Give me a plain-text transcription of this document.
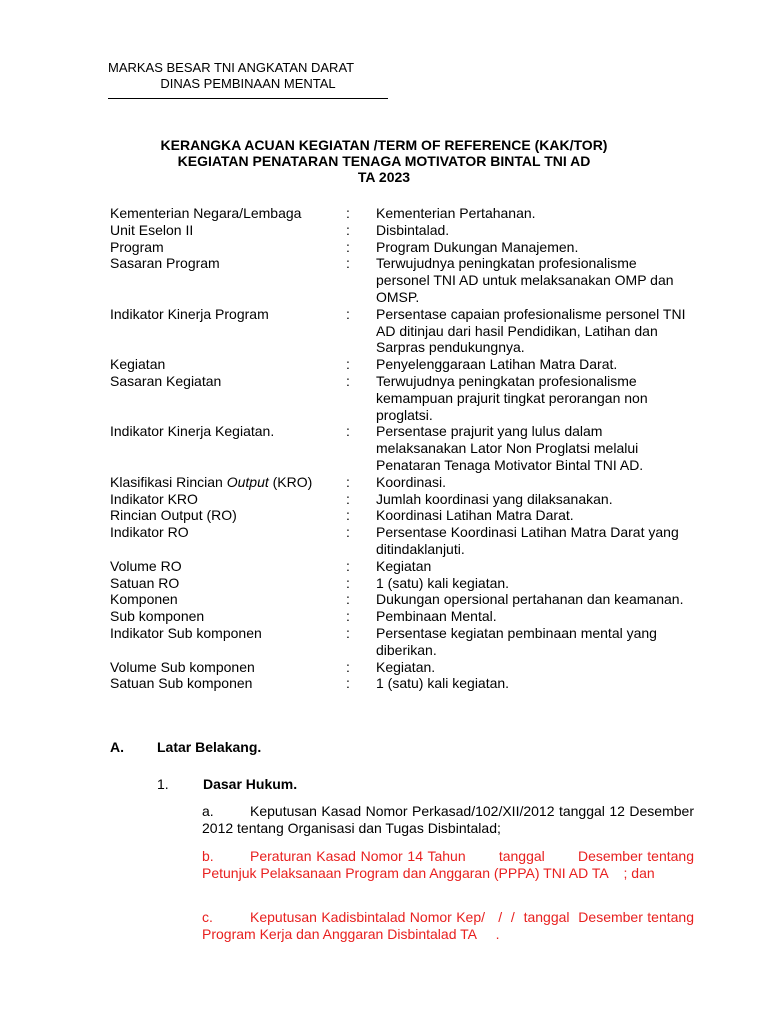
MARKAS BESAR TNI ANGKATAN DARAT
DINAS PEMBINAAN MENTAL
KERANGKA ACUAN KEGIATAN /TERM OF REFERENCE (KAK/TOR)
KEGIATAN PENATARAN TENAGA MOTIVATOR BINTAL TNI AD
TA 2023
Kementerian Negara/Lembaga	:	Kementerian Pertahanan.
Unit Eselon II	:	Disbintalad.
Program	:	Program Dukungan Manajemen.
Sasaran Program	:	Terwujudnya peningkatan profesionalisme personel TNI AD untuk melaksanakan OMP dan OMSP.
Indikator Kinerja Program	:	Persentase capaian profesionalisme personel TNI AD ditinjau dari hasil Pendidikan, Latihan dan Sarpras pendukungnya.
Kegiatan	:	Penyelenggaraan Latihan Matra Darat.
Sasaran Kegiatan	:	Terwujudnya peningkatan profesionalisme kemampuan prajurit tingkat perorangan non proglatsi.
Indikator Kinerja Kegiatan.	:	Persentase prajurit yang lulus dalam melaksanakan Lator Non Proglatsi melalui Penataran Tenaga Motivator Bintal TNI AD.
Klasifikasi Rincian Output (KRO)	:	Koordinasi.
Indikator KRO	:	Jumlah koordinasi yang dilaksanakan.
Rincian Output (RO)	:	Koordinasi Latihan Matra Darat.
Indikator RO	:	Persentase Koordinasi Latihan Matra Darat yang ditindaklanjuti.
Volume RO	:	Kegiatan
Satuan RO	:	1 (satu) kali kegiatan.
Komponen	:	Dukungan opersional pertahanan dan keamanan.
Sub komponen	:	Pembinaan Mental.
Indikator Sub komponen	:	Persentase kegiatan pembinaan mental yang diberikan.
Volume Sub komponen	:	Kegiatan.
Satuan Sub komponen	:	1 (satu) kali kegiatan.
A. Latar Belakang.
1. Dasar Hukum.
a.	Keputusan Kasad Nomor Perkasad/102/XII/2012 tanggal 12 Desember 2012 tentang Organisasi dan Tugas Disbintalad;
b.	Peraturan Kasad Nomor 14 Tahun       tanggal       Desember tentang Petunjuk Pelaksanaan Program dan Anggaran (PPPA) TNI AD TA    ; dan
c.	Keputusan Kadisbintalad Nomor Kep/   /  /  tanggal  Desember tentang Program Kerja dan Anggaran Disbintalad TA     .
